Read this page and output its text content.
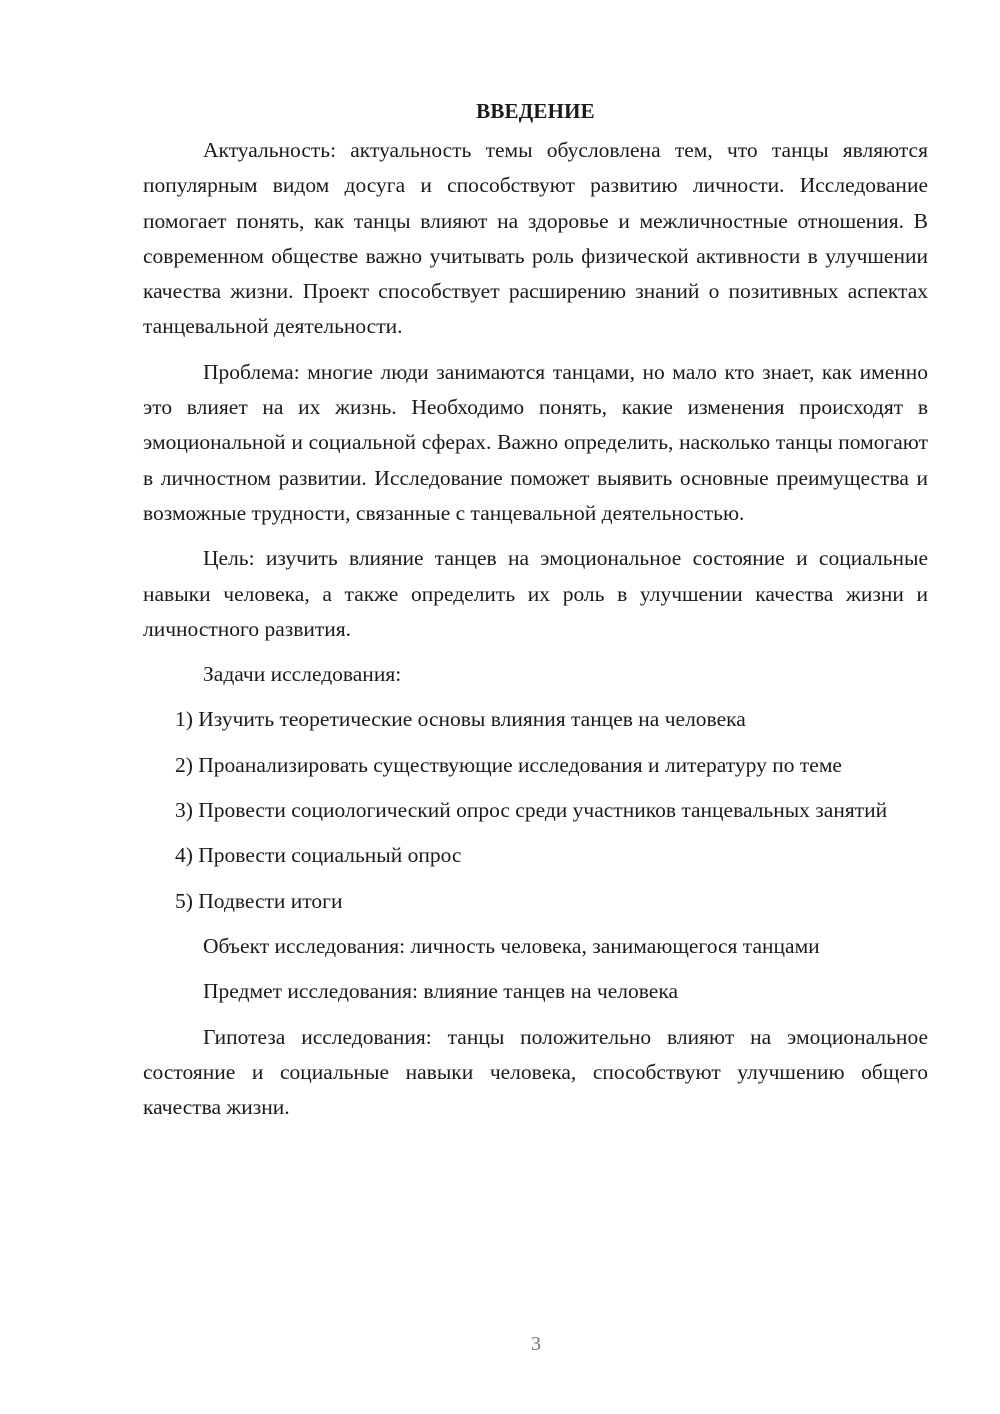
ВВЕДЕНИЕ

Актуальность: актуальность темы обусловлена тем, что танцы являются популярным видом досуга и способствуют развитию личности. Исследование помогает понять, как танцы влияют на здоровье и межличностные отношения. В современном обществе важно учитывать роль физической активности в улучшении качества жизни. Проект способствует расширению знаний о позитивных аспектах танцевальной деятельности.

Проблема: многие люди занимаются танцами, но мало кто знает, как именно это влияет на их жизнь. Необходимо понять, какие изменения происходят в эмоциональной и социальной сферах. Важно определить, насколько танцы помогают в личностном развитии. Исследование поможет выявить основные преимущества и возможные трудности, связанные с танцевальной деятельностью.

Цель: изучить влияние танцев на эмоциональное состояние и социальные навыки человека, а также определить их роль в улучшении качества жизни и личностного развития.

Задачи исследования:

1) Изучить теоретические основы влияния танцев на человека

2) Проанализировать существующие исследования и литературу по теме

3) Провести социологический опрос среди участников танцевальных занятий

4) Провести социальный опрос

5) Подвести итоги

Объект исследования: личность человека, занимающегося танцами

Предмет исследования: влияние танцев на человека

Гипотеза исследования: танцы положительно влияют на эмоциональное состояние и социальные навыки человека, способствуют улучшению общего качества жизни.

3
